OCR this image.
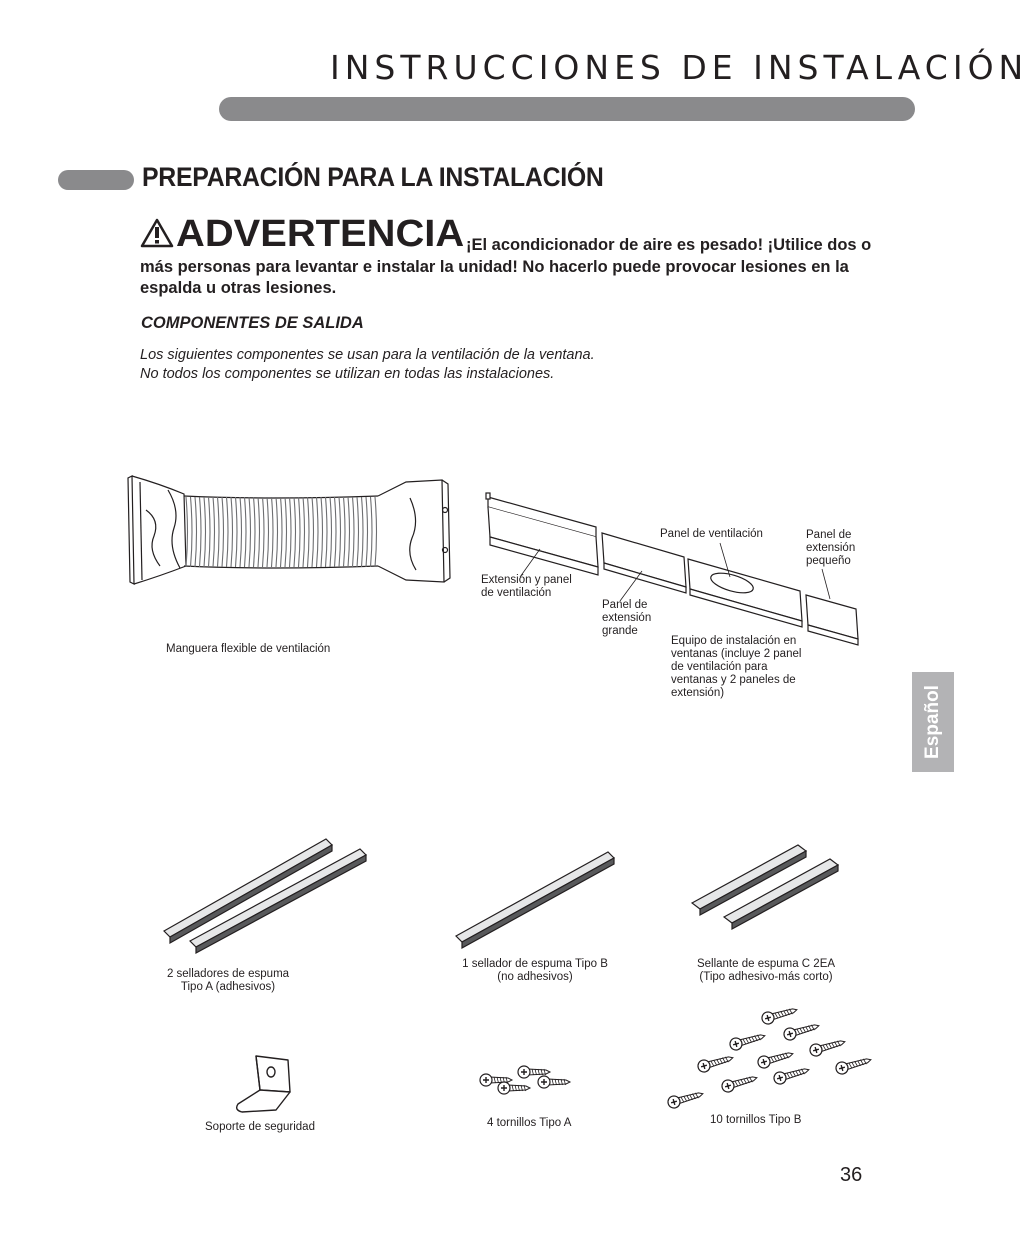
INSTRUCCIONES DE INSTALACIÓN
PREPARACIÓN PARA LA INSTALACIÓN
ADVERTENCIA ¡El acondicionador de aire es pesado! ¡Utilice dos o más personas para levantar e instalar la unidad! No hacerlo puede provocar lesiones en la espalda u otras lesiones.
COMPONENTES DE SALIDA
Los siguientes componentes se usan para la ventilación de la ventana.
No todos los componentes se utilizan en todas las instalaciones.
Manguera flexible de ventilación
Extensión y panel
de ventilación
Panel de
extensión
grande
Panel de ventilación	Panel de
extensión
pequeño
Equipo de instalación en
ventanas (incluye 2 panel
de ventilación para
ventanas y 2 paneles de
extensión)	Español
2 selladores de espuma
Tipo A (adhesivos)
1 sellador de espuma Tipo B
(no adhesivos)
Sellante de espuma C 2EA
(Tipo adhesivo-más corto)
Soporte de seguridad	4 tornillos Tipo A	10 tornillos Tipo B
36
